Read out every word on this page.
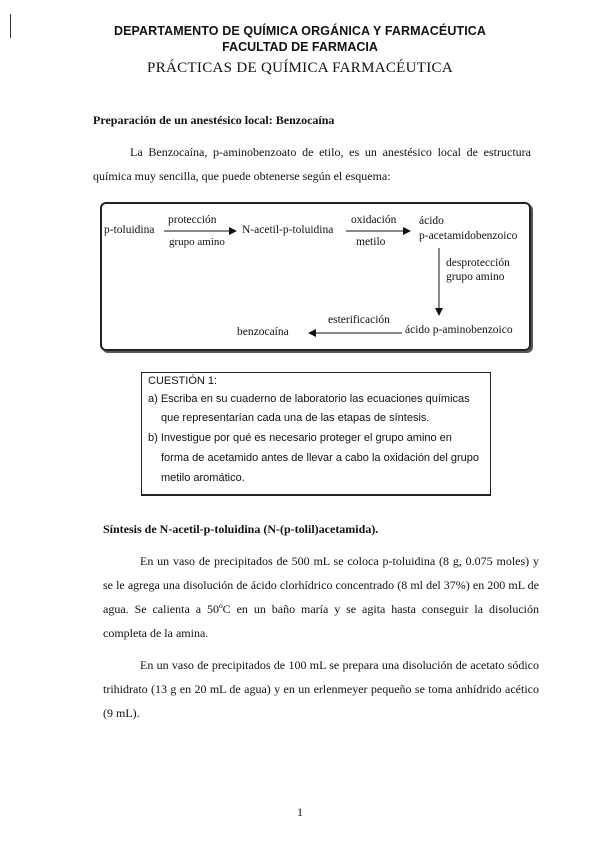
DEPARTAMENTO DE QUÍMICA ORGÁNICA Y FARMACÉUTICA
FACULTAD DE FARMACIA
PRÁCTICAS DE QUÍMICA FARMACÉUTICA
Preparación de un anestésico local: Benzocaína
La Benzocaína, p-aminobenzoato de etilo, es un anestésico local de estructura química muy sencilla, que puede obtenerse según el esquema:
p-toluidina
protección
grupo amino
N-acetil-p-toluidina
oxidación
metilo
ácido
p-acetamidobenzoico
desprotección
grupo amino
ácido p-aminobenzoico
esterificación
benzocaína
CUESTIÓN 1:
a) Escriba en su cuaderno de laboratorio las ecuaciones químicas
que representarían cada una de las etapas de síntesis.
b) Investigue por qué es necesario proteger el grupo amino en
forma de acetamido antes de llevar a cabo la oxidación del grupo
metilo aromático.
Síntesis de N-acetil-p-toluidina (N-(p-tolil)acetamida).
En un vaso de precipitados de 500 mL se coloca p-toluidina (8 g, 0.075 moles) y se le agrega una disolución de ácido clorhídrico concentrado (8 ml del 37%) en 200 mL de agua. Se calienta a 50ºC en un baño maría y se agita hasta conseguir la disolución completa de la amina.
En un vaso de precipitados de 100 mL se prepara una disolución de acetato sódico trihidrato (13 g en 20 mL de agua) y en un erlenmeyer pequeño se toma anhídrido acético (9 mL).
1
